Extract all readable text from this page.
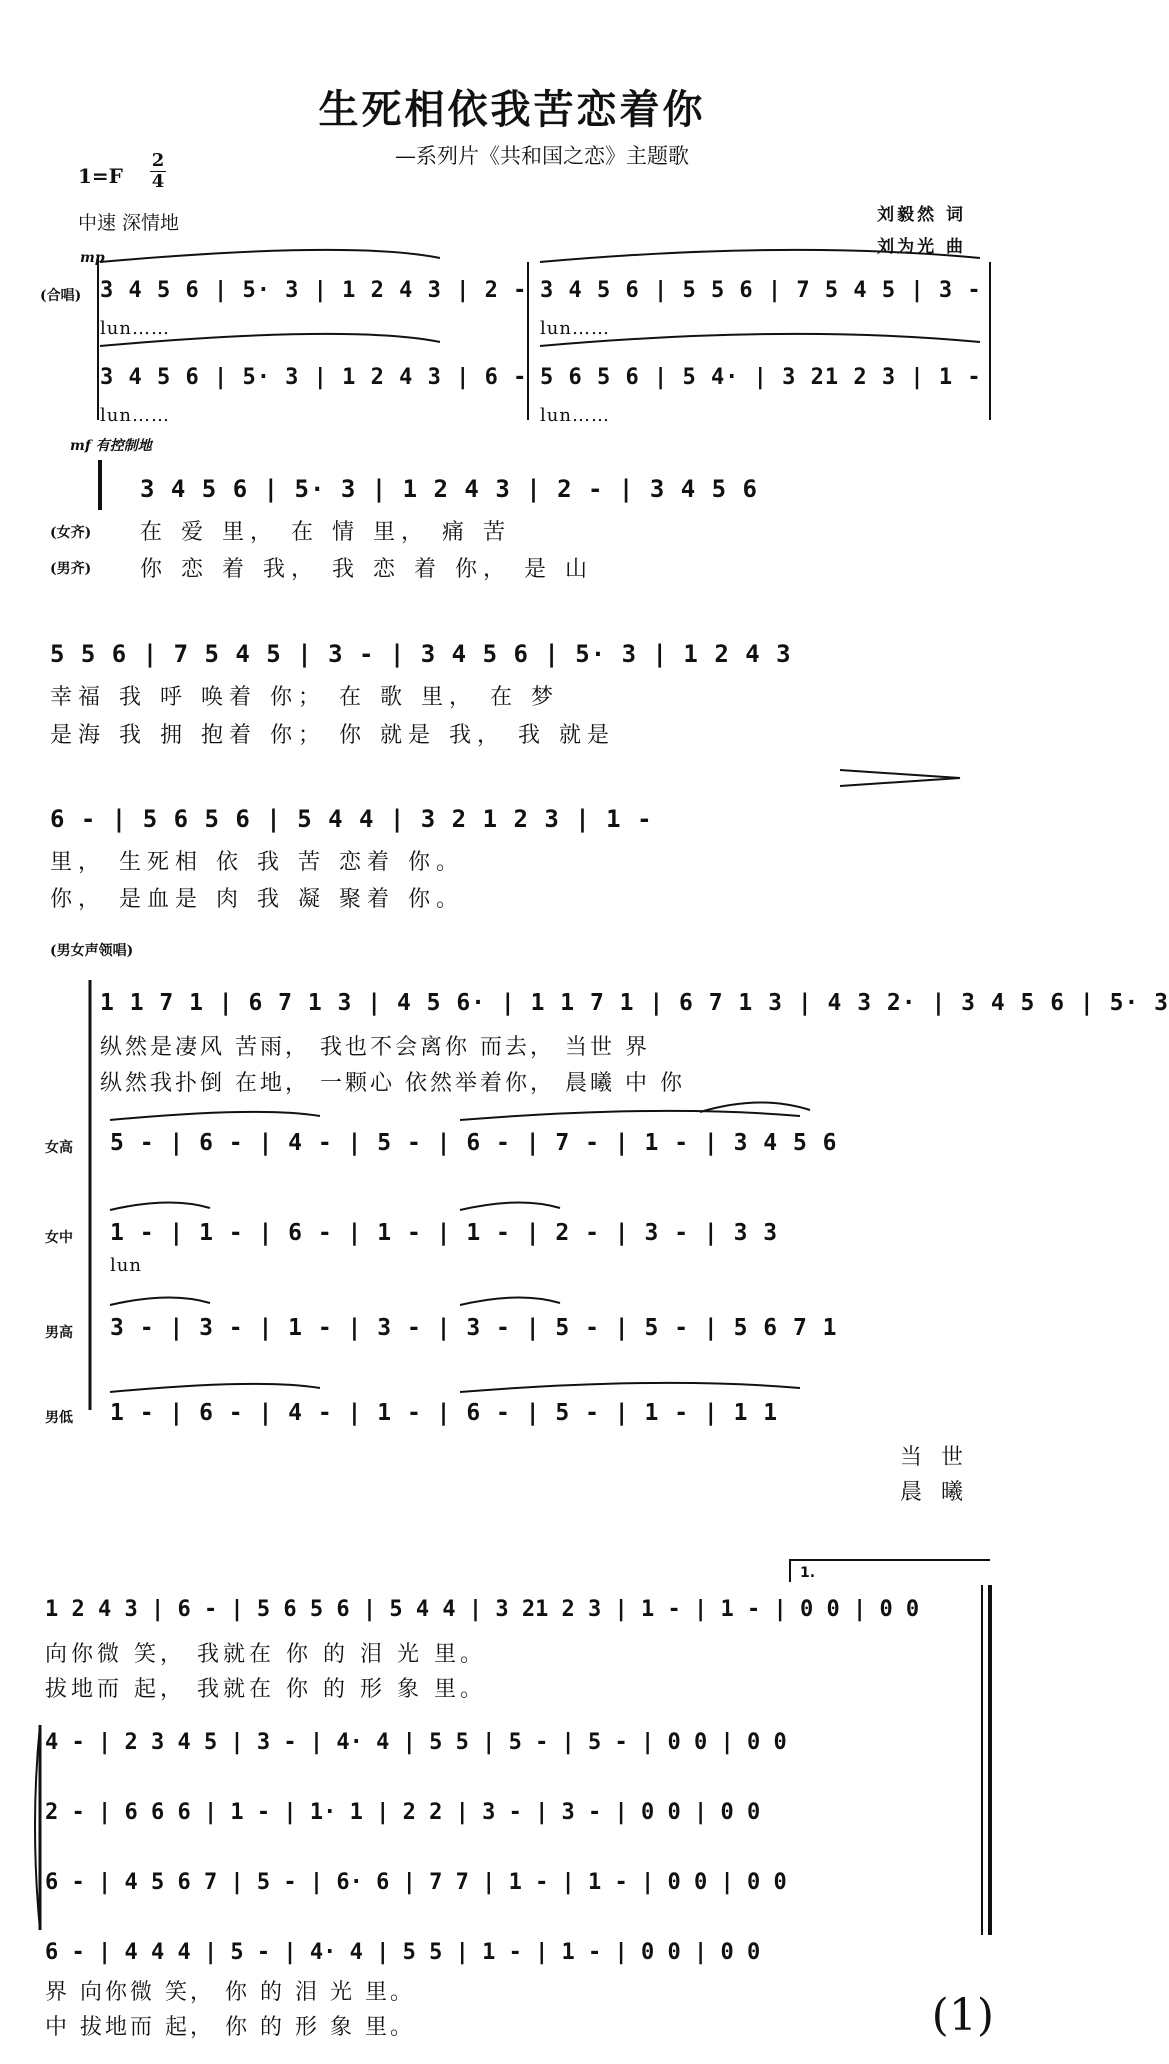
生死相依我苦恋着你
—系列片《共和国之恋》主题歌
1=F
2
4
中速 深情地	刘毅然 词
刘为光 曲
mp
(合唱) 3 4 5 6 | 5· 3 | 1 2 4 3 | 2 - 3 4 5 6 | 5 5 6 | 7 5 4 5 | 3 -
lun……	lun……
3 4 5 6 | 5· 3 | 1 2 4 3 | 6 - 5 6 5 6 | 5 4· | 3 21 2 3 | 1 -
lun……	lun……
mf 有控制地
3 4 5 6 | 5· 3 | 1 2 4 3 | 2 - | 3 4 5 6
(女齐) 在 爱 里， 在 情 里， 痛 苦
(男齐) 你 恋 着 我， 我 恋 着 你， 是 山
5 5 6 | 7 5 4 5 | 3 - | 3 4 5 6 | 5· 3 | 1 2 4 3
幸福 我 呼 唤着 你； 在 歌 里， 在 梦
是海 我 拥 抱着 你； 你 就是 我， 我 就是
6 - | 5 6 5 6 | 5 4 4 | 3 2 1 2 3 | 1 -
里， 生死相 依 我 苦 恋着 你。
你， 是血是 肉 我 凝 聚着 你。
(男女声领唱)
1 1 7 1 | 6 7 1 3 | 4 5 6· | 1 1 7 1 | 6 7 1 3 | 4 3 2· | 3 4 5 6 | 5· 3
纵然是凄风 苦雨， 我也不会离你 而去， 当世 界
纵然我扑倒 在地， 一颗心 依然举着你， 晨曦 中 你
女高 5 - | 6 - | 4 - | 5 - | 6 - | 7 - | 1 - | 3 4 5 6
女中 1 - | 1 - | 6 - | 1 - | 1 - | 2 - | 3 - | 3 3
lun
男高 3 - | 3 - | 1 - | 3 - | 3 - | 5 - | 5 - | 5 6 7 1
男低 1 - | 6 - | 4 - | 1 - | 6 - | 5 - | 1 - | 1 1
当 世
晨 曦
1.
1 2 4 3 | 6 - | 5 6 5 6 | 5 4 4 | 3 21 2 3 | 1 - | 1 - | 0 0 | 0 0
向你微 笑， 我就在 你 的 泪 光 里。
拔地而 起， 我就在 你 的 形 象 里。
4 - | 2 3 4 5 | 3 - | 4· 4 | 5 5 | 5 - | 5 - | 0 0 | 0 0
2 - | 6 6 6 | 1 - | 1· 1 | 2 2 | 3 - | 3 - | 0 0 | 0 0
6 - | 4 5 6 7 | 5 - | 6· 6 | 7 7 | 1 - | 1 - | 0 0 | 0 0
6 - | 4 4 4 | 5 - | 4· 4 | 5 5 | 1 - | 1 - | 0 0 | 0 0
界 向你微 笑， 你 的 泪 光 里。
中 拔地而 起， 你 的 形 象 里。	(1)
